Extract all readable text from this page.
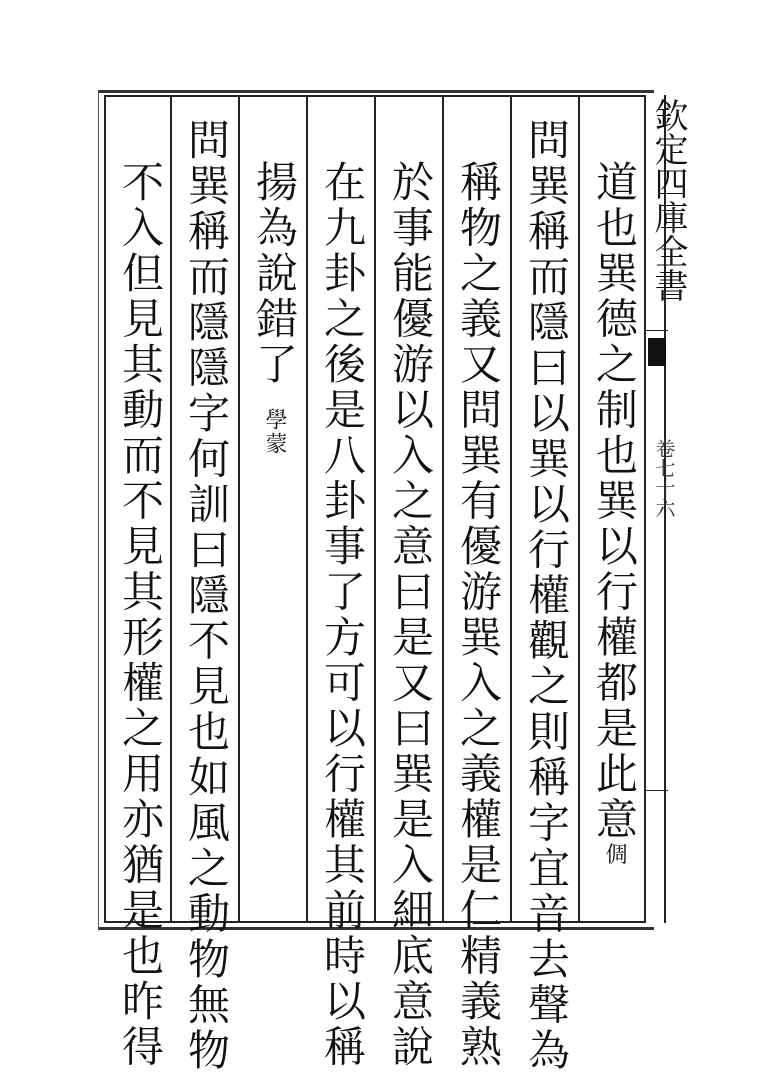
欽定四庫全書
卷七十六
道也巽德之制也巽以行權都是此意倜
問巽稱而隱曰以巽以行權觀之則稱字宜音去聲為
稱物之義又問巽有優游巽入之義權是仁精義熟
於事能優游以入之意曰是又曰巽是入細底意說
在九卦之後是八卦事了方可以行權其前時以稱
揚為說錯了學蒙
問巽稱而隱隱字何訓曰隱不見也如風之動物無物
不入但見其動而不見其形權之用亦猶是也昨得
